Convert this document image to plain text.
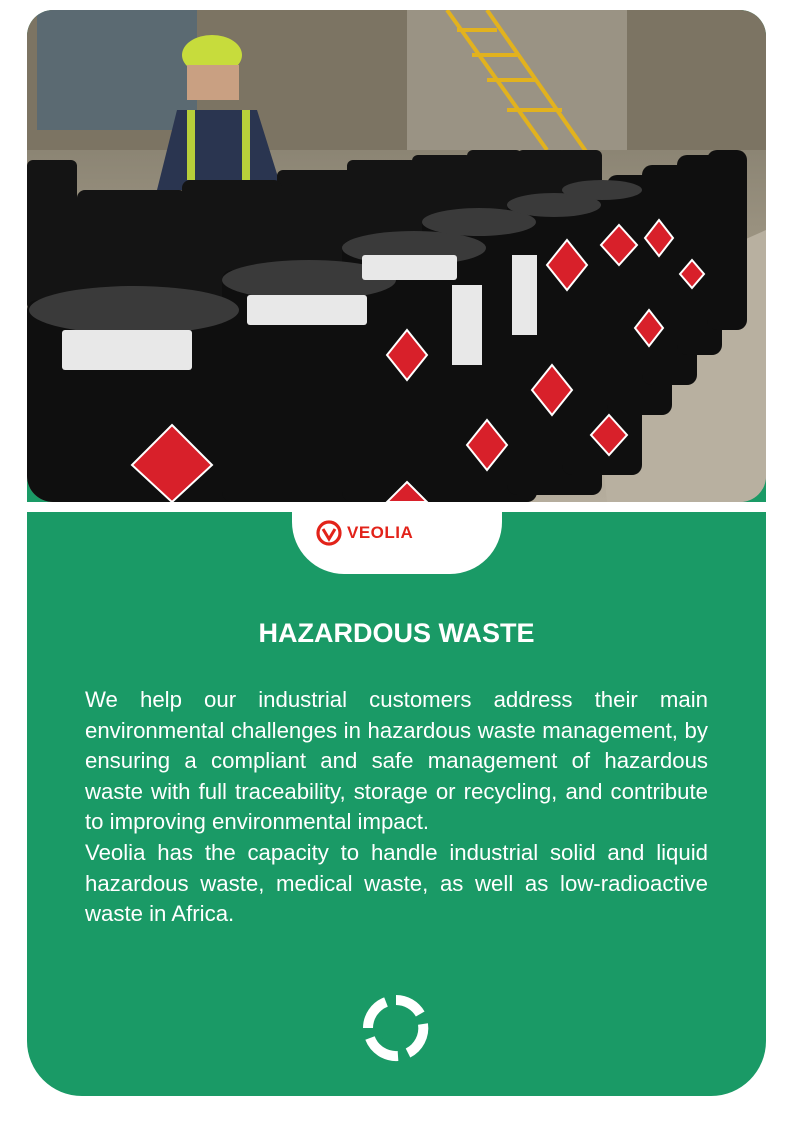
VEOLIA
HAZARDOUS WASTE

We help our industrial customers address their main environmental challenges in hazardous waste management, by ensuring a compliant and safe management of hazardous waste with full traceability, storage or recycling, and contribute to improving environmental impact.

Veolia has the capacity to handle industrial solid and liquid hazardous waste, medical waste, as well as low-radioactive waste in Africa.
